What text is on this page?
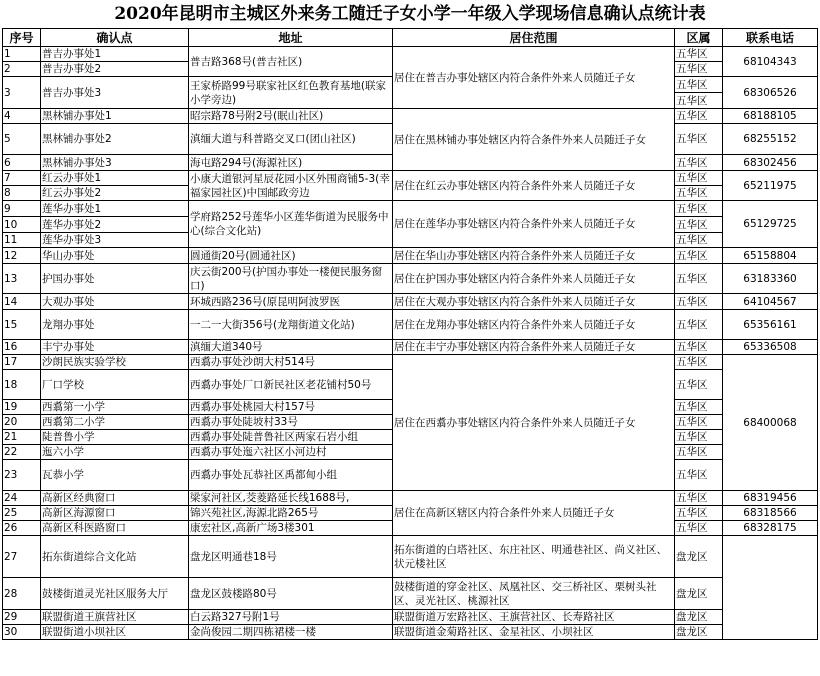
2020年昆明市主城区外来务工随迁子女小学一年级入学现场信息确认点统计表
序号	确认点	地址	居住范围	区属	联系电话
1	普吉办事处1	普吉路368号(普吉社区)	居住在普吉办事处辖区内符合条件外来人员随迁子女	五华区	68104343
2	普吉办事处2			五华区	
3	普吉办事处3	王家桥路99号联家社区红色教育基地(联家小学旁边)		五华区	68306526
				五华区	
4	黑林铺办事处1	昭宗路78号附2号(眠山社区)	居住在黑林铺办事处辖区内符合条件外来人员随迁子女	五华区	68188105
5	黑林铺办事处2	滇缅大道与科普路交叉口(团山社区)		五华区	68255152
6	黑林铺办事处3	海屯路294号(海源社区)		五华区	68302456
7	红云办事处1	小康大道银河星辰花园小区外围商铺5-3(幸福家园社区)中国邮政旁边	居住在红云办事处辖区内符合条件外来人员随迁子女	五华区	65211975
8	红云办事处2			五华区	
9	莲华办事处1	学府路252号莲华小区莲华街道为民服务中心(综合文化站)	居住在莲华办事处辖区内符合条件外来人员随迁子女	五华区	65129725
10	莲华办事处2			五华区	
11	莲华办事处3			五华区	
12	华山办事处	圆通街20号(圆通社区)	居住在华山办事处辖区内符合条件外来人员随迁子女	五华区	65158804
13	护国办事处	庆云街200号(护国办事处一楼便民服务窗口)	居住在护国办事处辖区内符合条件外来人员随迁子女	五华区	63183360
14	大观办事处	环城西路236号(原昆明阿波罗医	居住在大观办事处辖区内符合条件外来人员随迁子女	五华区	64104567
15	龙翔办事处	一二一大街356号(龙翔街道文化站)	居住在龙翔办事处辖区内符合条件外来人员随迁子女	五华区	65356161
16	丰宁办事处	滇缅大道340号	居住在丰宁办事处辖区内符合条件外来人员随迁子女	五华区	65336508
17	沙朗民族实验学校	西翥办事处沙朗大村514号	居住在西翥办事处辖区内符合条件外来人员随迁子女	五华区	68400068
18	厂口学校	西翥办事处厂口新民社区老花铺村50号		五华区	
19	西翥第一小学	西翥办事处桃园大村157号		五华区	
20	西翥第二小学	西翥办事处陡坡村33号		五华区	
21	陡普鲁小学	西翥办事处陡普鲁社区两家石岩小组		五华区	
22	迤六小学	西翥办事处迤六社区小河边村		五华区	
23	瓦恭小学	西翥办事处瓦恭社区禹都甸小组		五华区	
24	高新区经典窗口	梁家河社区,茭菱路延长线1688号,	居住在高新区辖区内符合条件外来人员随迁子女	五华区	68319456
25	高新区海源窗口	锦兴苑社区,海源北路265号		五华区	68318566
26	高新区科医路窗口	康宏社区,高新广场3楼301		五华区	68328175
27	拓东街道综合文化站	盘龙区明通巷18号	拓东街道的白塔社区、东庄社区、明通巷社区、尚义社区、状元楼社区	盘龙区	
28	鼓楼街道灵光社区服务大厅	盘龙区鼓楼路80号	鼓楼街道的穿金社区、凤凰社区、交三桥社区、栗树头社区、灵光社区、桃源社区	盘龙区	
29	联盟街道王旗营社区	白云路327号附1号	联盟街道万宏路社区、王旗营社区、长寿路社区	盘龙区	
30	联盟街道小坝社区	金尚俊园二期四栋裙楼一楼	联盟街道金菊路社区、金星社区、小坝社区	盘龙区	
